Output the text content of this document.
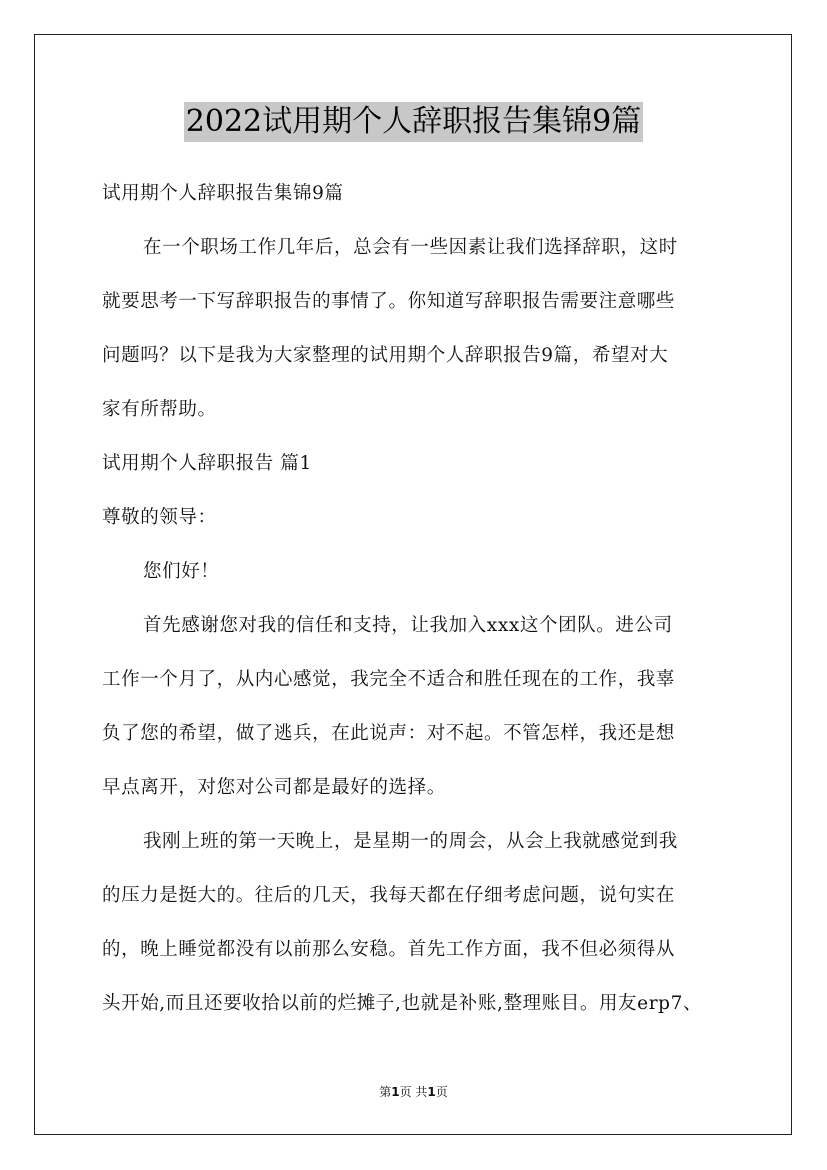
2022试用期个人辞职报告集锦9篇
试用期个人辞职报告集锦9篇
在一个职场工作几年后，总会有一些因素让我们选择辞职，这时
就要思考一下写辞职报告的事情了。你知道写辞职报告需要注意哪些
问题吗？以下是我为大家整理的试用期个人辞职报告9篇，希望对大
家有所帮助。
试用期个人辞职报告 篇1
尊敬的领导：
您们好！
首先感谢您对我的信任和支持，让我加入xxx这个团队。进公司
工作一个月了，从内心感觉，我完全不适合和胜任现在的工作，我辜
负了您的希望，做了逃兵，在此说声：对不起。不管怎样，我还是想
早点离开，对您对公司都是最好的选择。
我刚上班的第一天晚上，是星期一的周会，从会上我就感觉到我
的压力是挺大的。往后的几天，我每天都在仔细考虑问题，说句实在
的，晚上睡觉都没有以前那么安稳。首先工作方面，我不但必须得从
头开始,而且还要收拾以前的烂摊子,也就是补账,整理账目。用友erp7、
第1页 共1页
